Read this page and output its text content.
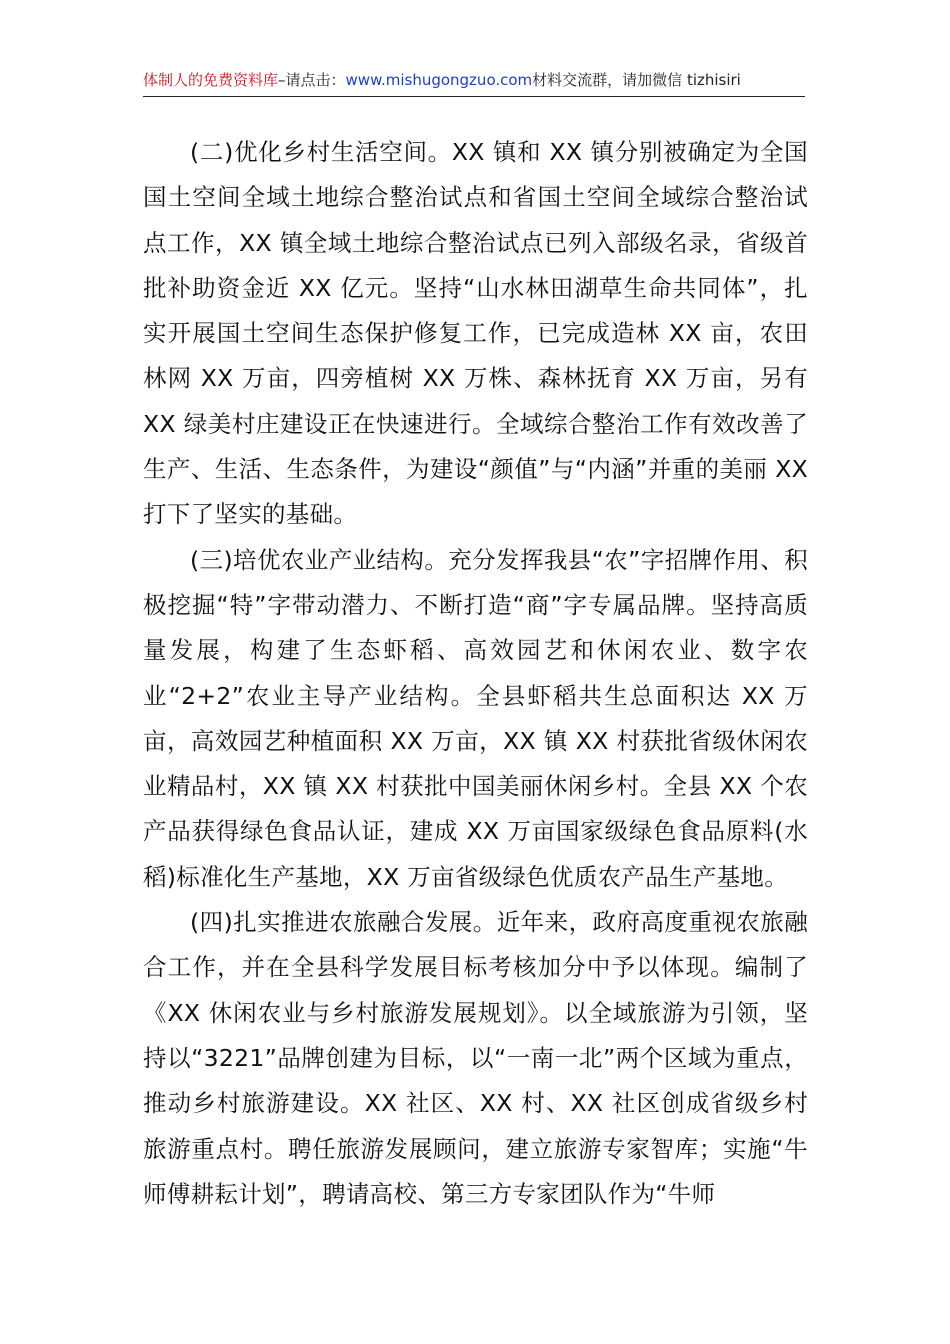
体制人的免费资料库–请点击：www.mishugongzuo.com材料交流群，请加微信 tizhisiri

(二)优化乡村生活空间。XX 镇和 XX 镇分别被确定为全国国土空间全域土地综合整治试点和省国土空间全域综合整治试点工作，XX 镇全域土地综合整治试点已列入部级名录，省级首批补助资金近 XX 亿元。坚持“山水林田湖草生命共同体”，扎实开展国土空间生态保护修复工作，已完成造林 XX 亩，农田林网 XX 万亩，四旁植树 XX 万株、森林抚育 XX 万亩，另有 XX 绿美村庄建设正在快速进行。全域综合整治工作有效改善了生产、生活、生态条件，为建设“颜值”与“内涵”并重的美丽 XX 打下了坚实的基础。

(三)培优农业产业结构。充分发挥我县“农”字招牌作用、积极挖掘“特”字带动潜力、不断打造“商”字专属品牌。坚持高质量发展，构建了生态虾稻、高效园艺和休闲农业、数字农业“2+2”农业主导产业结构。全县虾稻共生总面积达 XX 万亩，高效园艺种植面积 XX 万亩，XX 镇 XX 村获批省级休闲农业精品村，XX 镇 XX 村获批中国美丽休闲乡村。全县 XX 个农产品获得绿色食品认证，建成 XX 万亩国家级绿色食品原料(水稻)标准化生产基地，XX 万亩省级绿色优质农产品生产基地。

(四)扎实推进农旅融合发展。近年来，政府高度重视农旅融合工作，并在全县科学发展目标考核加分中予以体现。编制了《XX 休闲农业与乡村旅游发展规划》。以全域旅游为引领，坚持以“3221”品牌创建为目标，以“一南一北”两个区域为重点，推动乡村旅游建设。XX 社区、XX 村、XX 社区创成省级乡村旅游重点村。聘任旅游发展顾问，建立旅游专家智库；实施“牛师傅耕耘计划”，聘请高校、第三方专家团队作为“牛师
